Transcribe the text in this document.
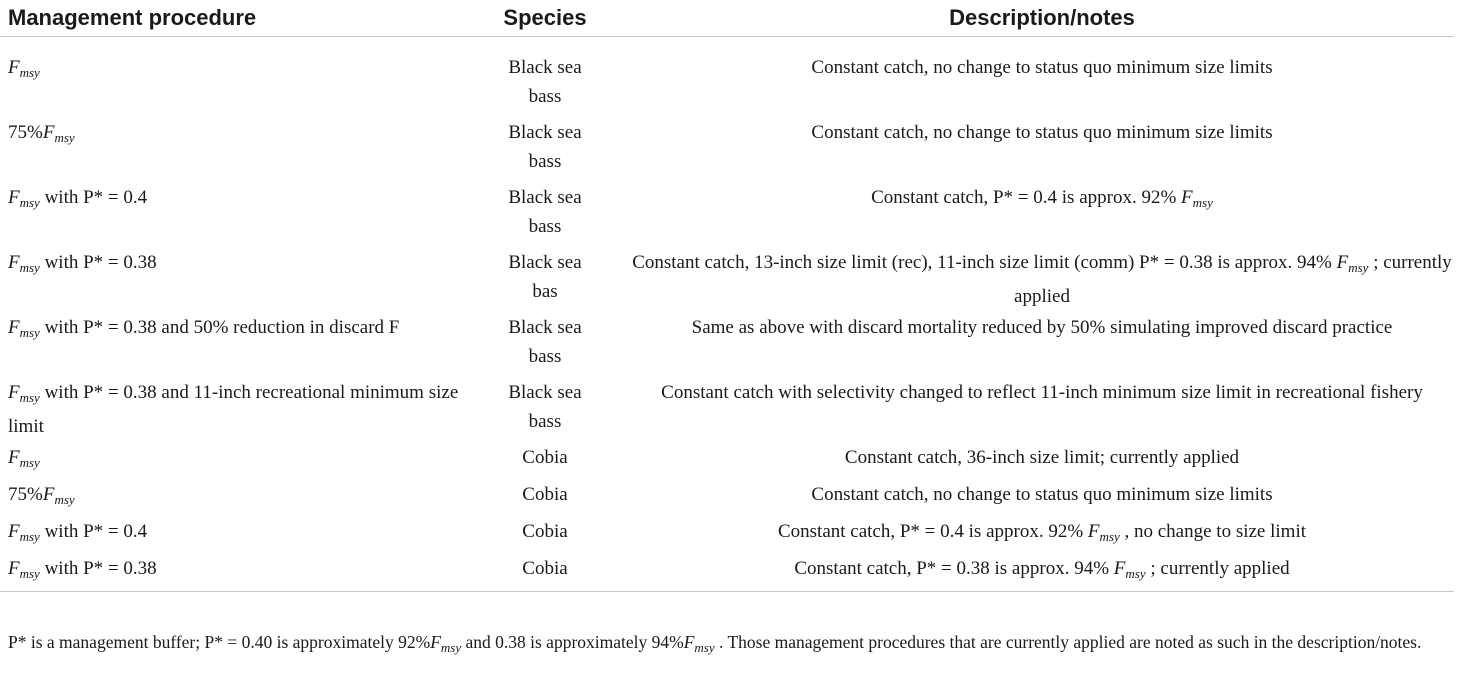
Management procedure	Species	Description/notes

$F_{msy}$	Black sea bass	Constant catch, no change to status quo minimum size limits

$75\%F_{msy}$	Black sea bass	Constant catch, no change to status quo minimum size limits

$F_{msy}$ with P* = 0.4	Black sea bass	Constant catch, P* = 0.4 is approx. 92% $F_{msy}$

$F_{msy}$ with P* = 0.38	Black sea bas	Constant catch, 13-inch size limit (rec), 11-inch size limit (comm) P* = 0.38 is approx. 94% $F_{msy}$ ; currently applied

$F_{msy}$ with P* = 0.38 and 50% reduction in discard F	Black sea bass	Same as above with discard mortality reduced by 50% simulating improved discard practice

$F_{msy}$ with P* = 0.38 and 11-inch recreational minimum size limit	Black sea bass	Constant catch with selectivity changed to reflect 11-inch minimum size limit in recreational fishery

$F_{msy}$	Cobia	Constant catch, 36-inch size limit; currently applied

$75\%F_{msy}$	Cobia	Constant catch, no change to status quo minimum size limits

$F_{msy}$ with P* = 0.4	Cobia	Constant catch, P* = 0.4 is approx. 92% $F_{msy}$ , no change to size limit

$F_{msy}$ with P* = 0.38	Cobia	Constant catch, P* = 0.38 is approx. 94% $F_{msy}$ ; currently applied
P* is a management buffer; P* = 0.40 is approximately $92\%F_{msy}$ and 0.38 is approximately $94\%F_{msy}$ . Those management procedures that are currently applied are noted as such in the description/notes.
